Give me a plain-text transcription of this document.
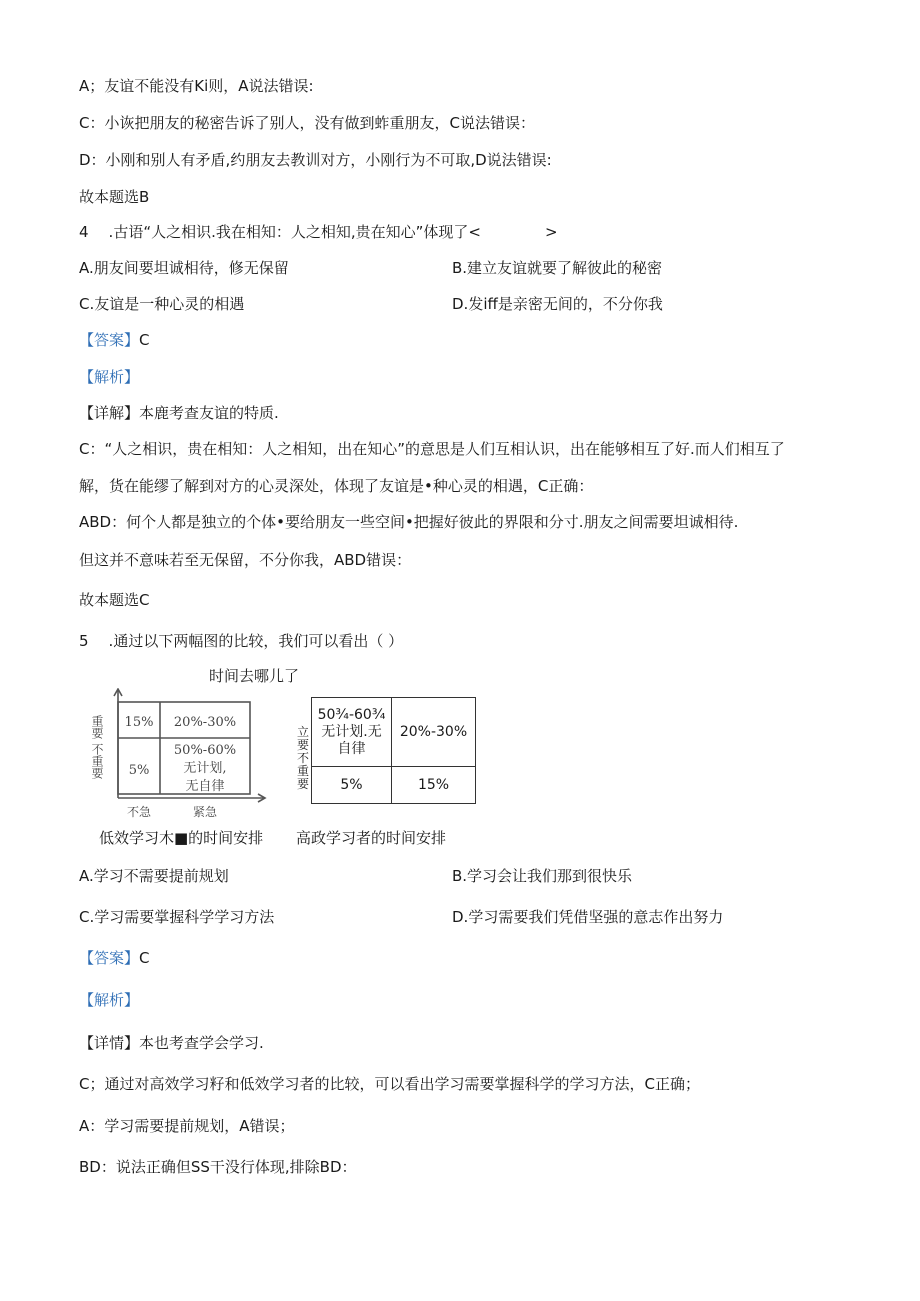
A；友谊不能没有Ki则，A说法错误:
C：小诙把朋友的秘密告诉了别人，没有做到蚱重朋友，C说法错误：
D：小刚和别人有矛盾,约朋友去教训对方，小刚行为不可取,D说法错误:
故本题选B
4 .古语“人之相识.我在相知：人之相知,贵在知心”体现了<	>
A.朋友间要坦诚相待，修无保留	B.建立友谊就要了解彼此的秘密
C.友谊是一种心灵的相遇	D.发iff是亲密无间的，不分你我
【答案】C
【解析】
【详解】本鹿考查友谊的特质.
C：“人之相识，贵在相知：人之相知，出在知心”的意思是人们互相认识，出在能够相互了好.而人们相互了
解，货在能缪了解到对方的心灵深处，体现了友谊是•种心灵的相遇，C正确：
ABD：何个人都是独立的个体•要给朋友一些空间•把握好彼此的界限和分寸.朋友之间需要坦诚相待.
但这并不意味若至无保留，不分你我，ABD错误：
故本题选C
5 .通过以下两幅图的比较，我们可以看出（ ）
时间去哪儿了
重要
不重要
15% 20%-30%
5%
50%-60%
无计划,
无自律
不急	紧急
立要不重要
50¾-60¾
无计划.无
自律	20%-30%
5%	15%
低效学习木■的时间安排 高政学习者的时间安排
A.学习不需要提前规划	B.学习会让我们那到很快乐
C.学习需要掌握科学学习方法	D.学习需要我们凭借坚强的意志作出努力
【答案】C
【解析】
【详情】本也考查学会学习.
C；通过对高效学习籽和低效学习者的比较，可以看出学习需要掌握科学的学习方法，C正确；
A：学习需要提前规划，A错误；
BD：说法正确但SS干没行体现,排除BD：
